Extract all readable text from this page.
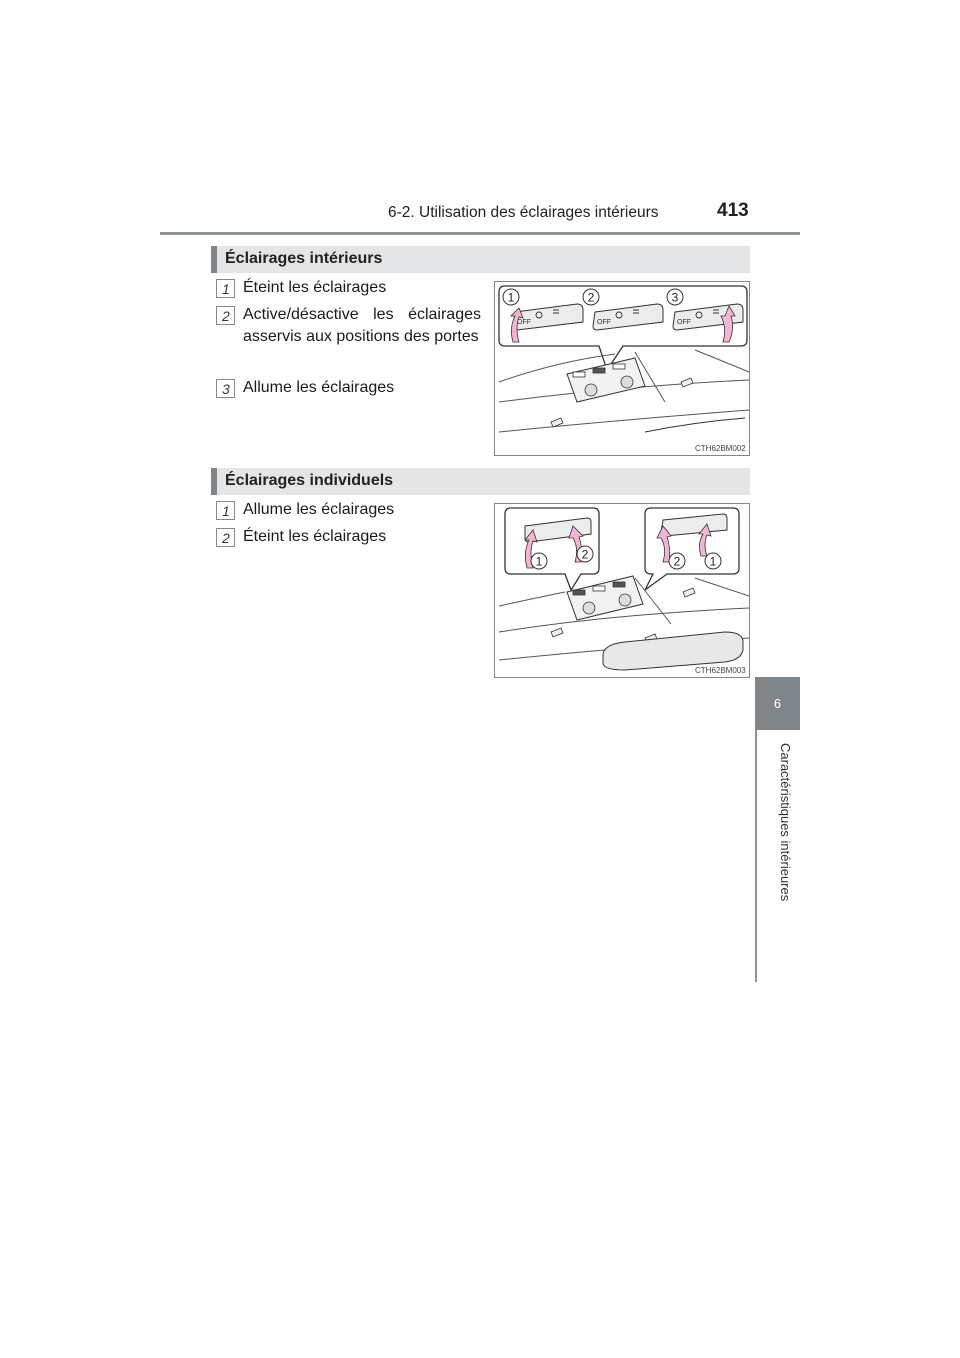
6-2. Utilisation des éclairages intérieurs	413
6
Caractéristiques intérieures
Éclairages intérieurs
1 Éteint les éclairages
2 Active/désactive les éclairages asservis aux positions des portes
3 Allume les éclairages
OFF	OFF	OFF
1	2	3
CTH62BM002
Éclairages individuels
1 Allume les éclairages
2 Éteint les éclairages
1	2	2 1
CTH62BM003
